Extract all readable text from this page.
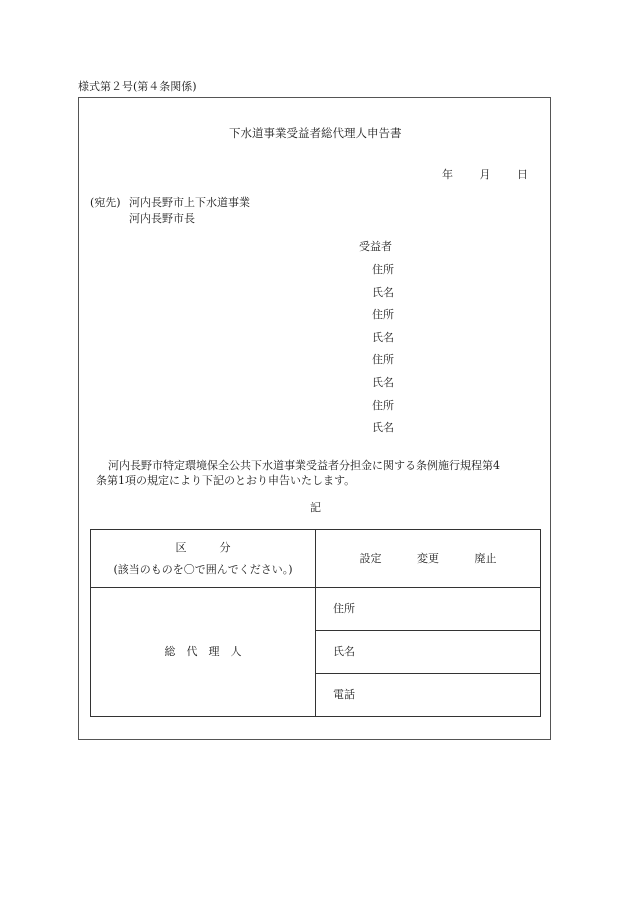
様式第２号(第４条関係)
下水道事業受益者総代理人申告書
年 月 日
(宛先) 河内長野市上下水道事業
河内長野市長
受益者
住所
氏名
住所
氏名
住所
氏名
住所
氏名
河内長野市特定環境保全公共下水道事業受益者分担金に関する条例施行規程第4
条第1項の規定により下記のとおり申告いたします。
記
区　　　分
(該当のものを〇で囲んでください。)	設定 変更 廃止
総　代　理　人	住所
	氏名
	電話
